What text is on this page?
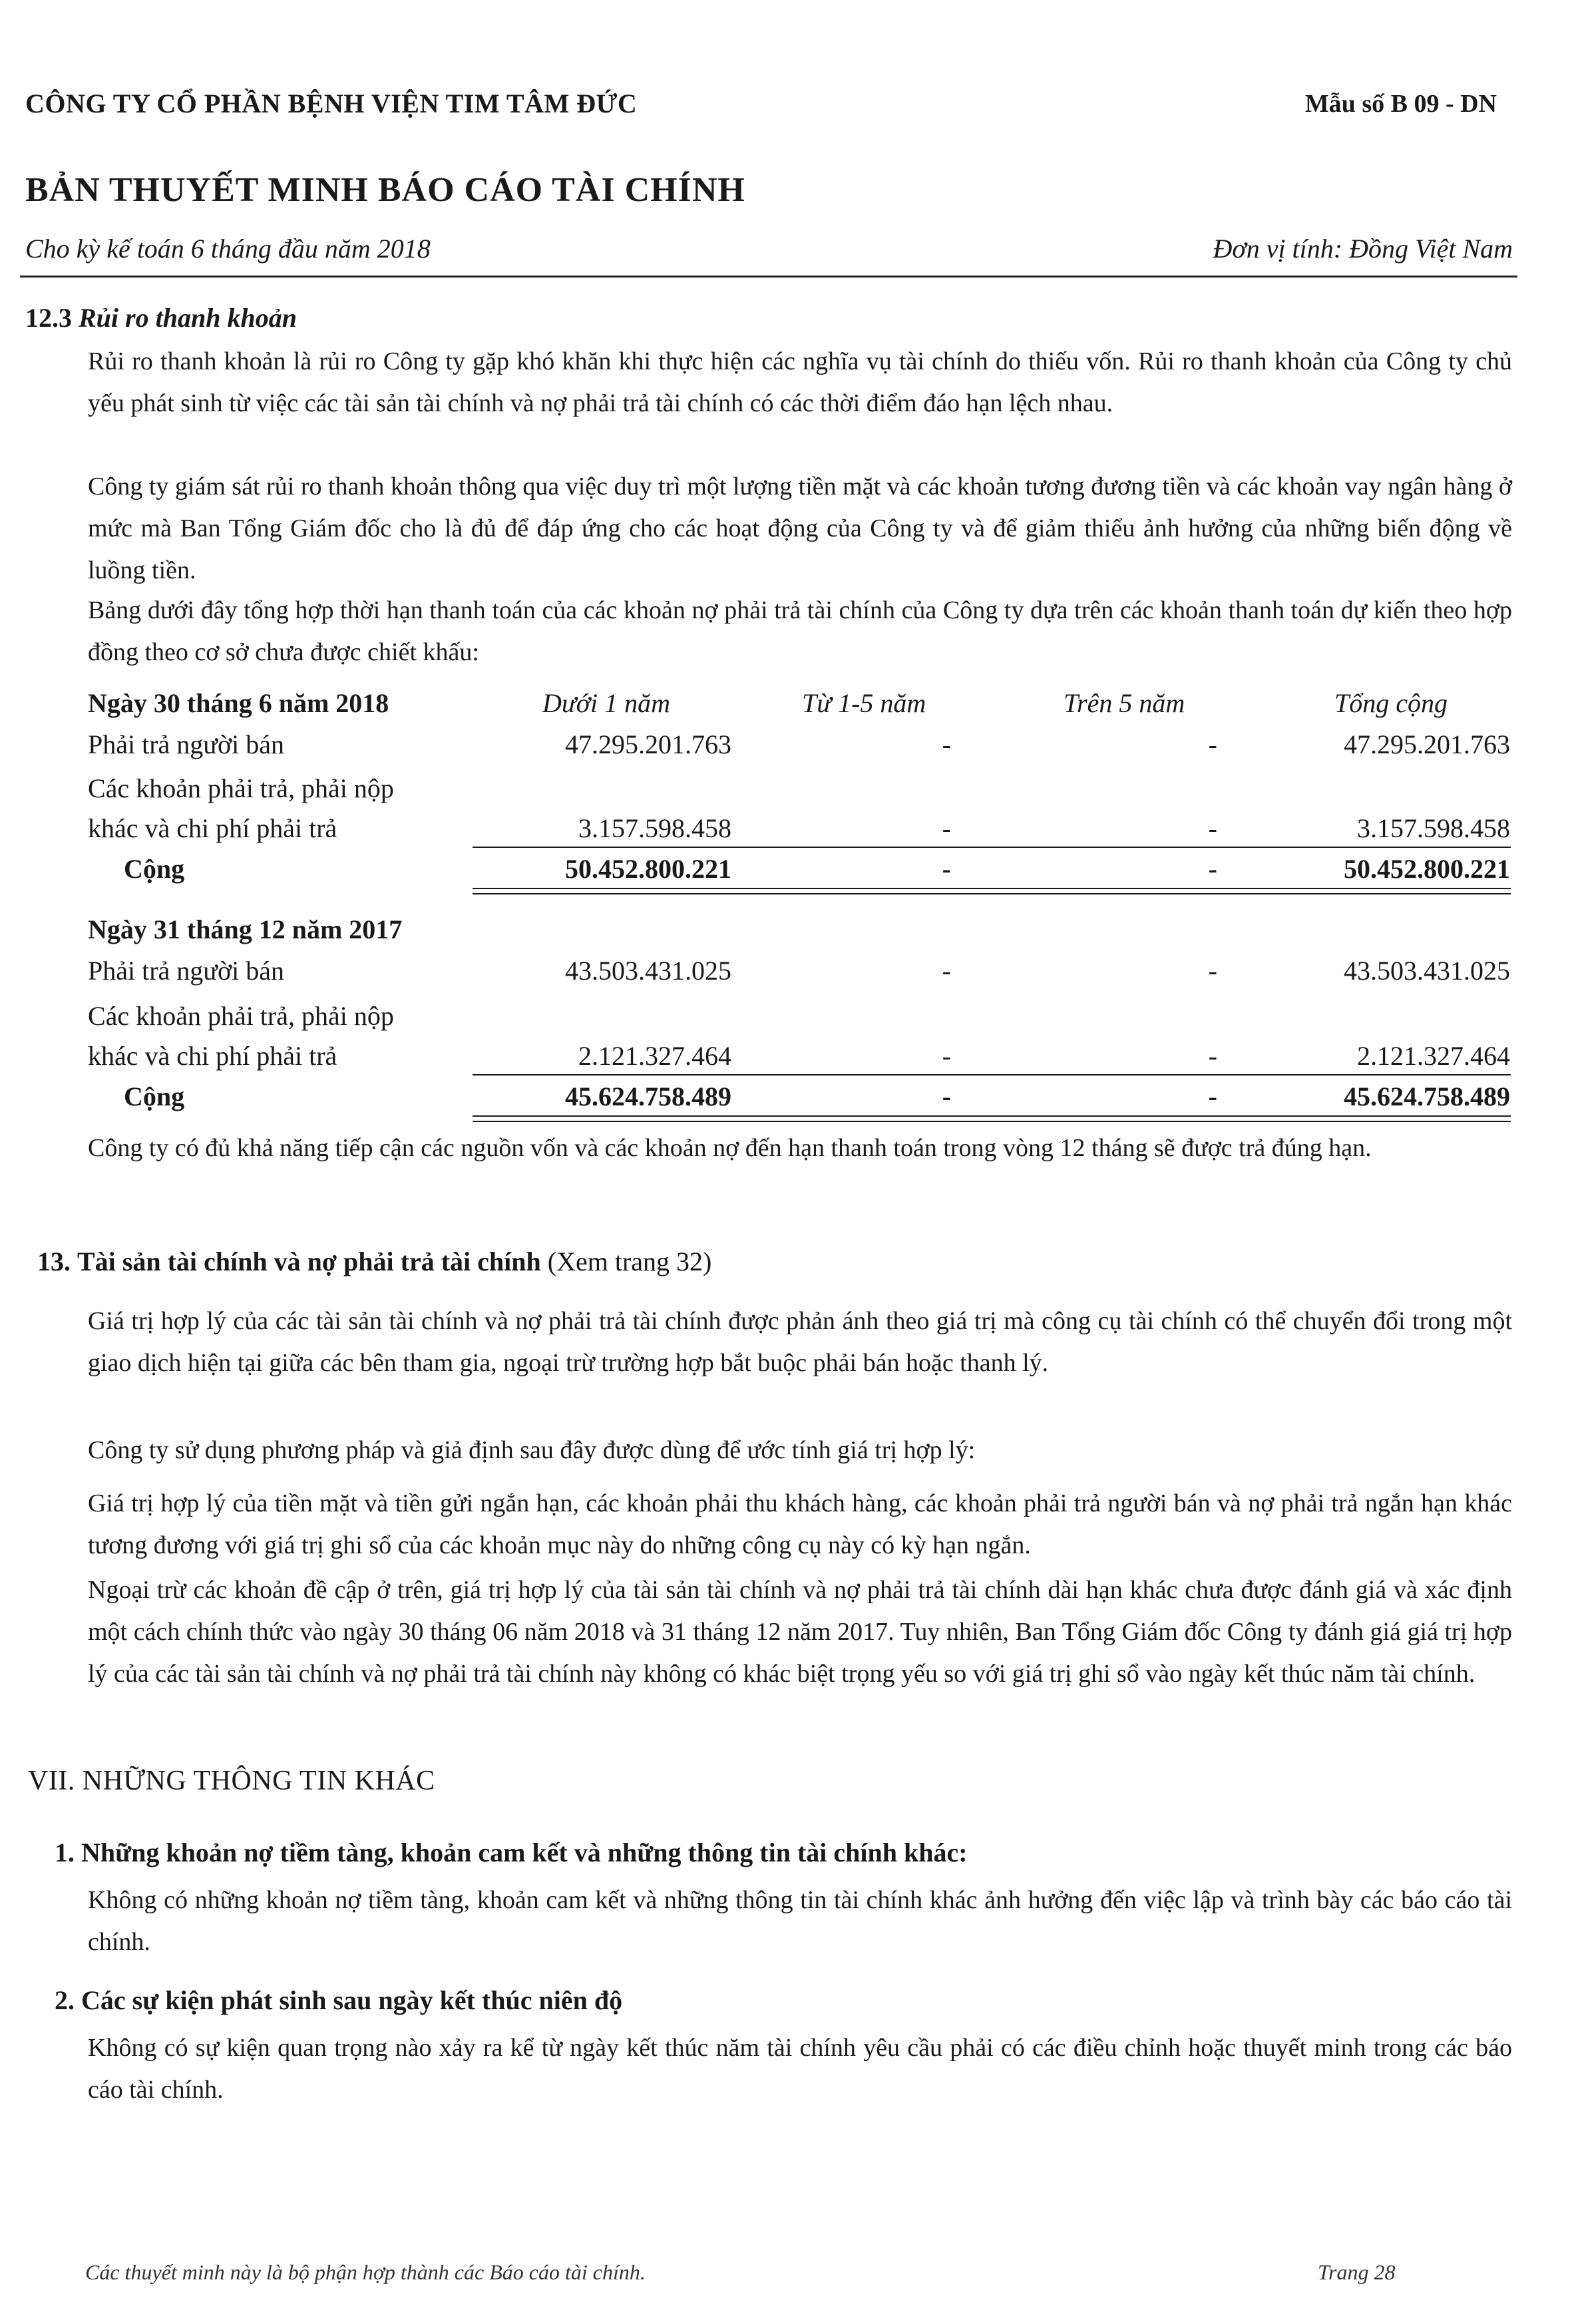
CÔNG TY CỔ PHẦN BỆNH VIỆN TIM TÂM ĐỨC	Mẫu số B 09 - DN
BẢN THUYẾT MINH BÁO CÁO TÀI CHÍNH
Cho kỳ kế toán 6 tháng đầu năm 2018	Đơn vị tính: Đồng Việt Nam
12.3 Rủi ro thanh khoản
Rủi ro thanh khoản là rủi ro Công ty gặp khó khăn khi thực hiện các nghĩa vụ tài chính do thiếu vốn. Rủi ro thanh khoản của Công ty chủ yếu phát sinh từ việc các tài sản tài chính và nợ phải trả tài chính có các thời điểm đáo hạn lệch nhau.
Công ty giám sát rủi ro thanh khoản thông qua việc duy trì một lượng tiền mặt và các khoản tương đương tiền và các khoản vay ngân hàng ở mức mà Ban Tổng Giám đốc cho là đủ để đáp ứng cho các hoạt động của Công ty và để giảm thiểu ảnh hưởng của những biến động về luồng tiền.
Bảng dưới đây tổng hợp thời hạn thanh toán của các khoản nợ phải trả tài chính của Công ty dựa trên các khoản thanh toán dự kiến theo hợp đồng theo cơ sở chưa được chiết khấu:
Ngày 30 tháng 6 năm 2018	Dưới 1 năm	Từ 1-5 năm	Trên 5 năm	Tổng cộng
Phải trả người bán	47.295.201.763	-	-	47.295.201.763
Các khoản phải trả, phải nộp
khác và chi phí phải trả	3.157.598.458	-	-	3.157.598.458
Cộng	50.452.800.221	-	-	50.452.800.221
Ngày 31 tháng 12 năm 2017
Phải trả người bán	43.503.431.025	-	-	43.503.431.025
Các khoản phải trả, phải nộp
khác và chi phí phải trả	2.121.327.464	-	-	2.121.327.464
Cộng	45.624.758.489	-	-	45.624.758.489
Công ty có đủ khả năng tiếp cận các nguồn vốn và các khoản nợ đến hạn thanh toán trong vòng 12 tháng sẽ được trả đúng hạn.
13. Tài sản tài chính và nợ phải trả tài chính (Xem trang 32)
Giá trị hợp lý của các tài sản tài chính và nợ phải trả tài chính được phản ánh theo giá trị mà công cụ tài chính có thể chuyển đổi trong một giao dịch hiện tại giữa các bên tham gia, ngoại trừ trường hợp bắt buộc phải bán hoặc thanh lý.
Công ty sử dụng phương pháp và giả định sau đây được dùng để ước tính giá trị hợp lý:
Giá trị hợp lý của tiền mặt và tiền gửi ngắn hạn, các khoản phải thu khách hàng, các khoản phải trả người bán và nợ phải trả ngắn hạn khác tương đương với giá trị ghi sổ của các khoản mục này do những công cụ này có kỳ hạn ngắn.
Ngoại trừ các khoản đề cập ở trên, giá trị hợp lý của tài sản tài chính và nợ phải trả tài chính dài hạn khác chưa được đánh giá và xác định một cách chính thức vào ngày 30 tháng 06 năm 2018 và 31 tháng 12 năm 2017. Tuy nhiên, Ban Tổng Giám đốc Công ty đánh giá giá trị hợp lý của các tài sản tài chính và nợ phải trả tài chính này không có khác biệt trọng yếu so với giá trị ghi sổ vào ngày kết thúc năm tài chính.
VII. NHỮNG THÔNG TIN KHÁC
1. Những khoản nợ tiềm tàng, khoản cam kết và những thông tin tài chính khác:
Không có những khoản nợ tiềm tàng, khoản cam kết và những thông tin tài chính khác ảnh hưởng đến việc lập và trình bày các báo cáo tài chính.
2. Các sự kiện phát sinh sau ngày kết thúc niên độ
Không có sự kiện quan trọng nào xảy ra kể từ ngày kết thúc năm tài chính yêu cầu phải có các điều chỉnh hoặc thuyết minh trong các báo cáo tài chính.
Các thuyết minh này là bộ phận hợp thành các Báo cáo tài chính.	Trang 28
